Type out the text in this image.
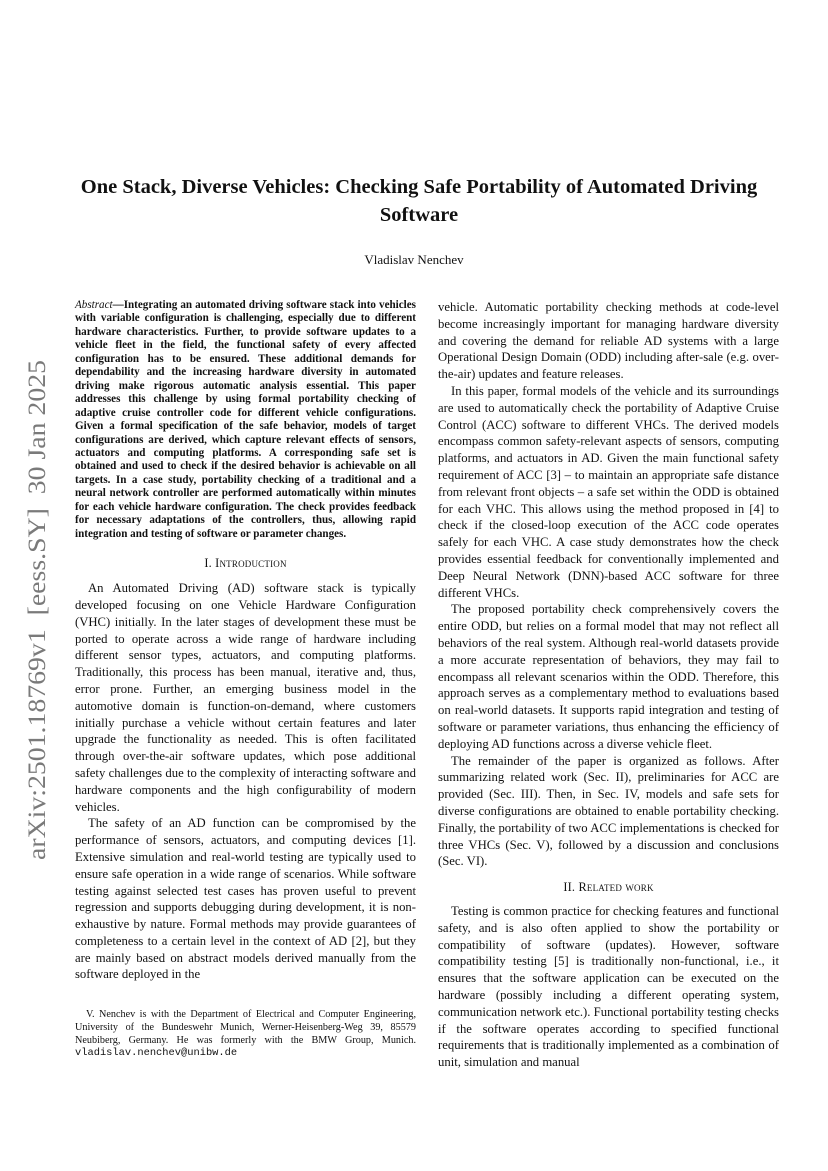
arXiv:2501.18769v1  [eess.SY]  30 Jan 2025
One Stack, Diverse Vehicles: Checking Safe Portability of Automated Driving Software
Vladislav Nenchev

Abstract—Integrating an automated driving software stack into vehicles with variable configuration is challenging, especially due to different hardware characteristics. Further, to provide software updates to a vehicle fleet in the field, the functional safety of every affected configuration has to be ensured. These additional demands for dependability and the increasing hardware diversity in automated driving make rigorous automatic analysis essential. This paper addresses this challenge by using formal portability checking of adaptive cruise controller code for different vehicle configurations. Given a formal specification of the safe behavior, models of target configurations are derived, which capture relevant effects of sensors, actuators and computing platforms. A corresponding safe set is obtained and used to check if the desired behavior is achievable on all targets. In a case study, portability checking of a traditional and a neural network controller are performed automatically within minutes for each vehicle hardware configuration. The check provides feedback for necessary adaptations of the controllers, thus, allowing rapid integration and testing of software or parameter changes.

I. Introduction

An Automated Driving (AD) software stack is typically developed focusing on one Vehicle Hardware Configuration (VHC) initially. In the later stages of development these must be ported to operate across a wide range of hardware including different sensor types, actuators, and computing platforms. Traditionally, this process has been manual, iterative and, thus, error prone. Further, an emerging business model in the automotive domain is function-on-demand, where customers initially purchase a vehicle without certain features and later upgrade the functionality as needed. This is often facilitated through over-the-air software updates, which pose additional safety challenges due to the complexity of interacting software and hardware components and the high configurability of modern vehicles.

The safety of an AD function can be compromised by the performance of sensors, actuators, and computing devices [1]. Extensive simulation and real-world testing are typically used to ensure safe operation in a wide range of scenarios. While software testing against selected test cases has proven useful to prevent regression and supports debugging during development, it is non-exhaustive by nature. Formal methods may provide guarantees of completeness to a certain level in the context of AD [2], but they are mainly based on abstract models derived manually from the software deployed in the

V. Nenchev is with the Department of Electrical and Computer Engineering, University of the Bundeswehr Munich, Werner-Heisenberg-Weg 39, 85579 Neubiberg, Germany. He was formerly with the BMW Group, Munich. vladislav.nenchev@unibw.de

vehicle. Automatic portability checking methods at code-level become increasingly important for managing hardware diversity and covering the demand for reliable AD systems with a large Operational Design Domain (ODD) including after-sale (e.g. over-the-air) updates and feature releases.

In this paper, formal models of the vehicle and its surroundings are used to automatically check the portability of Adaptive Cruise Control (ACC) software to different VHCs. The derived models encompass common safety-relevant aspects of sensors, computing platforms, and actuators in AD. Given the main functional safety requirement of ACC [3] – to maintain an appropriate safe distance from relevant front objects – a safe set within the ODD is obtained for each VHC. This allows using the method proposed in [4] to check if the closed-loop execution of the ACC code operates safely for each VHC. A case study demonstrates how the check provides essential feedback for conventionally implemented and Deep Neural Network (DNN)-based ACC software for three different VHCs.

The proposed portability check comprehensively covers the entire ODD, but relies on a formal model that may not reflect all behaviors of the real system. Although real-world datasets provide a more accurate representation of behaviors, they may fail to encompass all relevant scenarios within the ODD. Therefore, this approach serves as a complementary method to evaluations based on real-world datasets. It supports rapid integration and testing of software or parameter variations, thus enhancing the efficiency of deploying AD functions across a diverse vehicle fleet.

The remainder of the paper is organized as follows. After summarizing related work (Sec. II), preliminaries for ACC are provided (Sec. III). Then, in Sec. IV, models and safe sets for diverse configurations are obtained to enable portability checking. Finally, the portability of two ACC implementations is checked for three VHCs (Sec. V), followed by a discussion and conclusions (Sec. VI).

II. Related work

Testing is common practice for checking features and functional safety, and is also often applied to show the portability or compatibility of software (updates). However, software compatibility testing [5] is traditionally non-functional, i.e., it ensures that the software application can be executed on the hardware (possibly including a different operating system, communication network etc.). Functional portability testing checks if the software operates according to specified functional requirements that is traditionally implemented as a combination of unit, simulation and manual
